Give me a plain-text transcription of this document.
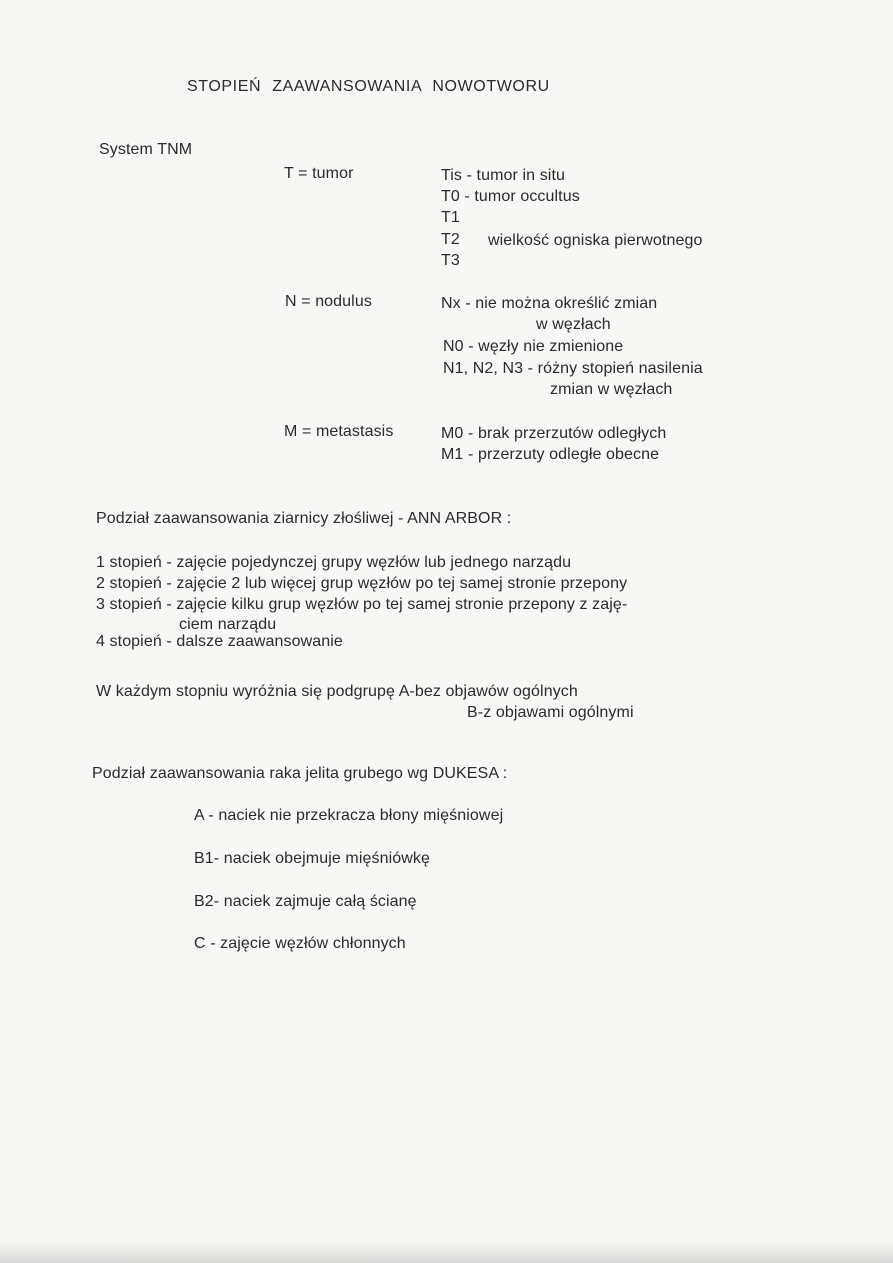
STOPIEŃ ZAAWANSOWANIA NOWOTWORU
System TNM
T = tumor	Tis - tumor in situ
T0 - tumor occultus
T1
T2 wielkość ogniska pierwotnego
T3
N = nodulus	Nx - nie można określić zmian
w węzłach
N0 - węzły nie zmienione
N1, N2, N3 - różny stopień nasilenia
zmian w węzłach
M = metastasis	M0 - brak przerzutów odległych
M1 - przerzuty odległe obecne
Podział zaawansowania ziarnicy złośliwej - ANN ARBOR :
1 stopień - zajęcie pojedynczej grupy węzłów lub jednego narządu
2 stopień - zajęcie 2 lub więcej grup węzłów po tej samej stronie przepony
3 stopień - zajęcie kilku grup węzłów po tej samej stronie przepony z zaję-
ciem narządu
4 stopień - dalsze zaawansowanie
W każdym stopniu wyróżnia się podgrupę A-bez objawów ogólnych
B-z objawami ogólnymi
Podział zaawansowania raka jelita grubego wg DUKESA :
A - naciek nie przekracza błony mięśniowej
B1- naciek obejmuje mięśniówkę
B2- naciek zajmuje całą ścianę
C - zajęcie węzłów chłonnych
